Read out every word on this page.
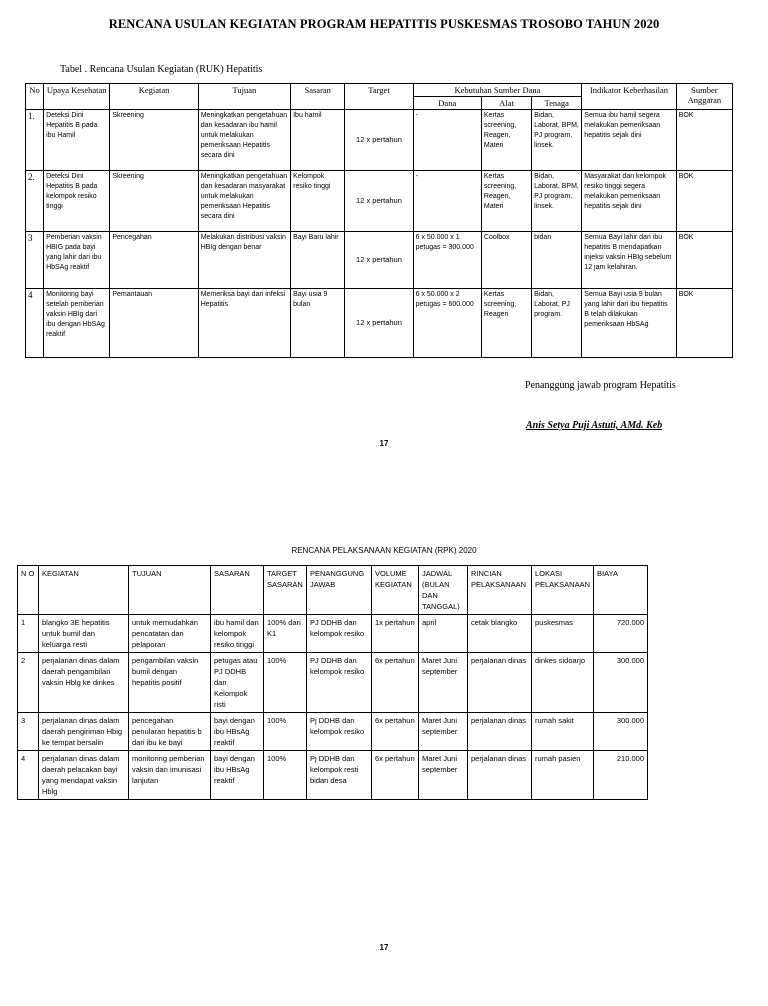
RENCANA USULAN KEGIATAN PROGRAM HEPATITIS PUSKESMAS TROSOBO TAHUN 2020
Tabel . Rencana Usulan Kegiatan (RUK) Hepatitis
No	Upaya Kesehatan	Kegiatan	Tujuan	Sasaran	Target	Kebutuhan Sumber Dana			Indikator Keberhasilan	Sumber Anggaran
						Dana	Alat	Tenaga		
1.	Deteksi Dini Hepatitis B pada ibu Hamil	Skreening	Meningkatkan pengetahuan dan kesadaran ibu hamil untuk melakukan pemeriksaan Hepatitis secara dini	Ibu hamil	12 x pertahun	-	Kertas screening, Reagen, Materi	Bidan, Laborat, BPM, PJ program, linsek.	Semua ibu hamil segera melakukan pemeriksaan hepatitis sejak dini	BOK
2.	Deteksi Dini Hepatitis B pada kelompok resiko tinggi	Skreening	Meningkatkan pengetahuan dan kesadaran masyarakat untuk melakukan pemeriksaan Hepatitis secara dini	Kelompok resiko tinggi	12 x pertahun	-	Kertas screening, Reagen, Materi	Bidan, Laborat, BPM, PJ program, linsek.	Masyarakat dan kelompok resiko tinggi segera melakukan pemeriksaan hepatitis sejak dini	BOK
3	Pemberian vaksin HBIG pada bayi yang lahir dari ibu HbSAg reaktif	Pencegahan	Melakukan distribusi vaksin HBIg dengan benar	Bayi Baru lahir	12 x pertahun	6 x 50.000 x 1 petugas = 300.000	Coolbox	bidan	Semua Bayi lahir dari ibu hepatitis B mendapatkan injeksi vaksin HBIg sebelum 12 jam kelahiran.	BOK
4	Monitoring bayi setelah pemberian vaksin HBIg dari ibu dengan HbSAg reaktif	Pemantauan	Memeriksa bayi dari infeksi Hepatitis	Bayi usia 9 bulan	12 x pertahun	6 x 50.000 x 2 petugas = 600.000	Kertas screening, Reagen	Bidan, Laborat, PJ program.	Semua Bayi usia 9 bulan yang lahir dari ibu hepatitis B telah dilakukan pemeriksaan HbSAg	BOK
Penanggung jawab program Hepatitis
Anis Setya Puji Astuti, AMd. Keb
17
RENCANA PELAKSANAAN KEGIATAN (RPK) 2020
N O	KEGIATAN	TUJUAN	SASARAN	TARGET SASARAN	PENANGGUNG JAWAB	VOLUME KEGIATAN	JADWAL (BULAN DAN TANGGAL)	RINCIAN PELAKSANAAN	LOKASI PELAKSANAAN	BIAYA
1	blangko 3E hepatitis untuk bumil dan keluarga resti	untuk memudahkan pencatatan dan pelaporan	ibu hamil dan kelompok resiko tinggi	100% dari K1	PJ DDHB dan kelompok resiko	1x pertahun	april	cetak blangko	puskesmas	720.000
2	perjalanan dinas dalam daerah pengambilan vaksin Hblg ke dinkes	pengambilan vaksin bumil dengan hepatitis positif	petugas atau PJ DDHB dan Kelompok risti	100%	PJ DDHB dan kelompok resiko	6x pertahun	Maret Juni september	perjalanan dinas	dinkes sidoarjo	300.000
3	perjalanan dinas dalam daerah pengiriman Hbig ke tempat bersalin	pencegahan penularan hepatitis b dari ibu ke bayi	bayi dengan ibu HBsAg reaktif	100%	Pj DDHB dan kelompok resiko	6x pertahun	Maret Juni september	perjalanan dinas	rumah sakit	300.000
4	perjalanan dinas dalam daerah pelacakan bayi yang mendapat vaksin Hblg	monitoring pemberian vaksin dan imunisasi lanjutan	bayi dengan ibu HBsAg reaktif	100%	Pj DDHB dan kelompok resti bidan desa	6x pertahun	Maret Juni september	perjalanan dinas	rumah pasien	210.000
17
